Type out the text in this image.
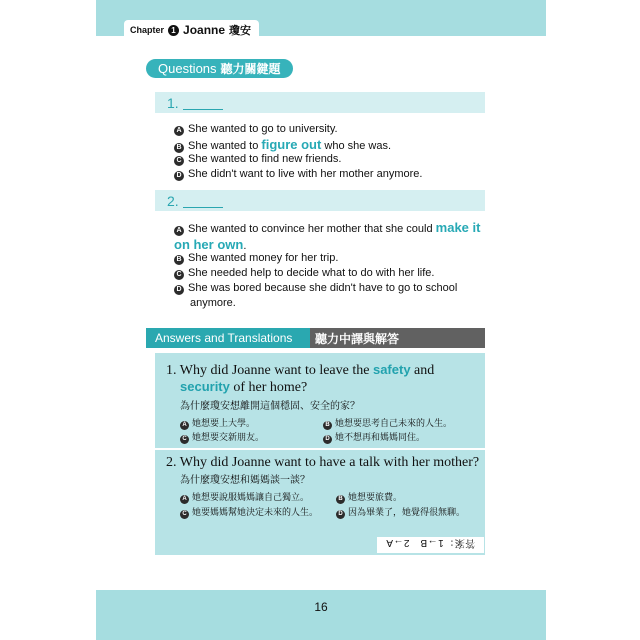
Chapter 1 Joanne 瓊安
Questions 聽力關鍵題
1.
A She wanted to go to university.
B She wanted to figure out who she was.
C She wanted to find new friends.
D She didn't want to live with her mother anymore.
2.
A She wanted to convince her mother that she could make it on her own.
B She wanted money for her trip.
C She needed help to decide what to do with her life.
D She was bored because she didn't have to go to school
anymore.
Answers and Translations	聽力中譯與解答
1. Why did Joanne want to leave the safety and
security of her home?
為什麼瓊安想離開這個穩固、安全的家？
A 她想要上大學。	B 她想要思考自己未來的人生。
C 她想要交新朋友。	D 她不想再和媽媽同住。
2. Why did Joanne want to have a talk with her mother?
為什麼瓊安想和媽媽談一談？
A 她想要說服媽媽讓自己獨立。	B 她想要旅費。
C 她要媽媽幫她決定未來的人生。	D 因為畢業了，她覺得很無聊。
答案：1→B　2→A
16
